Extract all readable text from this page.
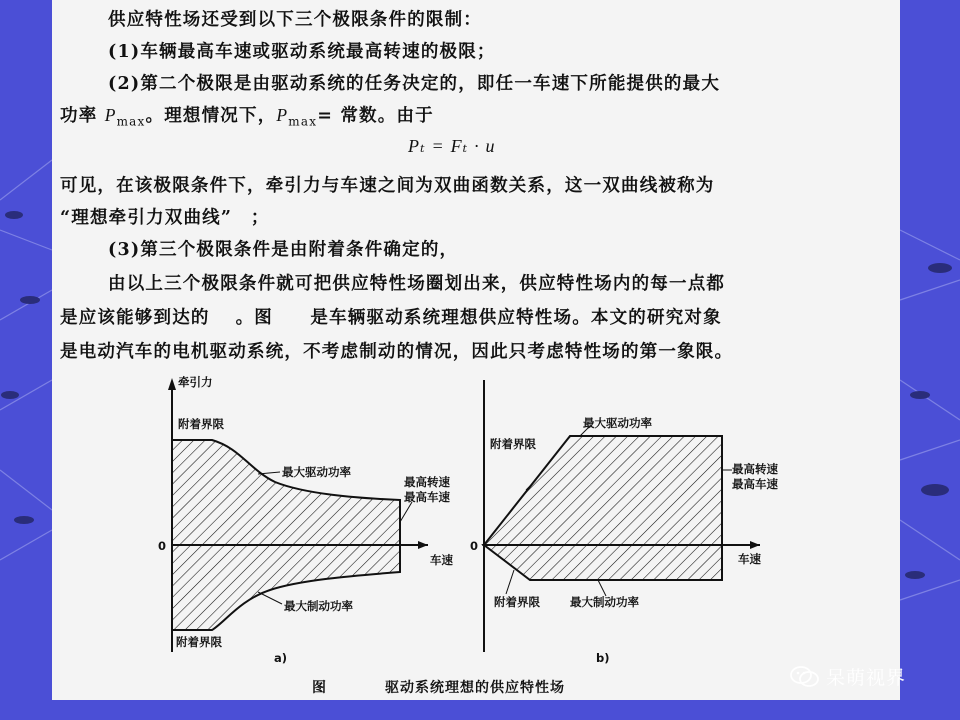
供应特性场还受到以下三个极限条件的限制：
(1)车辆最高车速或驱动系统最高转速的极限；
(2)第二个极限是由驱动系统的任务决定的，即任一车速下所能提供的最大
功率 $P_{max}$。理想情况下，$P_{max}=$ 常数。由于
Pₜ = Fₜ · u
可见，在该极限条件下，牵引力与车速之间为双曲函数关系，这一双曲线被称为
“理想牵引力双曲线”　；
(3)第三个极限条件是由附着条件确定的，
由以上三个极限条件就可把供应特性场圈划出来，供应特性场内的每一点都
是应该能够到达的　 。图　　是车辆驱动系统理想供应特性场。本文的研究对象
是电动汽车的电机驱动系统，不考虑制动的情况，因此只考虑特性场的第一象限。
牵引力
0
车速
附着界限
最大驱动功率
最高转速
最高车速
最大制动功率
附着界限
a)
0
车速
最大驱动功率
附着界限
最高转速
最高车速
附着界限	最大制动功率
b)
图	驱动系统理想的供应特性场	呆萌视界
